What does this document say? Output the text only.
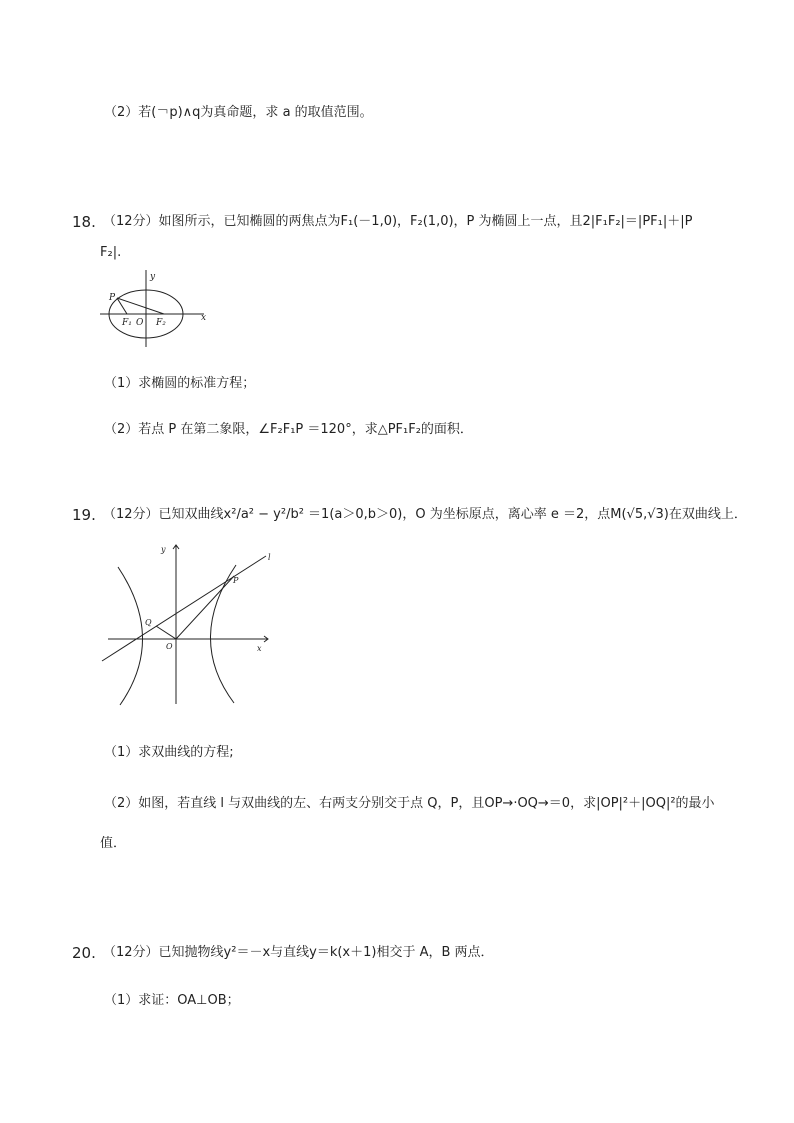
（2）若(￢p)∧q为真命题，求 a 的取值范围。
18. （12分）如图所示，已知椭圆的两焦点为F₁(－1,0)，F₂(1,0)，P 为椭圆上一点，且2|F₁F₂|＝|PF₁|＋|P
F₂|.
y
x
P
F₁ O F₂
（1）求椭圆的标准方程；
（2）若点 P 在第二象限，∠F₂F₁P ＝120°，求△PF₁F₂的面积．
19. （12分）已知双曲线x²/a² − y²/b² ＝1(a＞0,b＞0)，O 为坐标原点，离心率 e ＝2，点M(√5,√3)在双曲线上．
y
x
O
P
Q
l
（1）求双曲线的方程;
（2）如图，若直线 l 与双曲线的左、右两支分别交于点 Q，P，且OP→·OQ→＝0，求|OP|²＋|OQ|²的最小
值．
20. （12分）已知抛物线y²＝－x与直线y＝k(x＋1)相交于 A，B 两点．
（1）求证：OA⊥OB；
